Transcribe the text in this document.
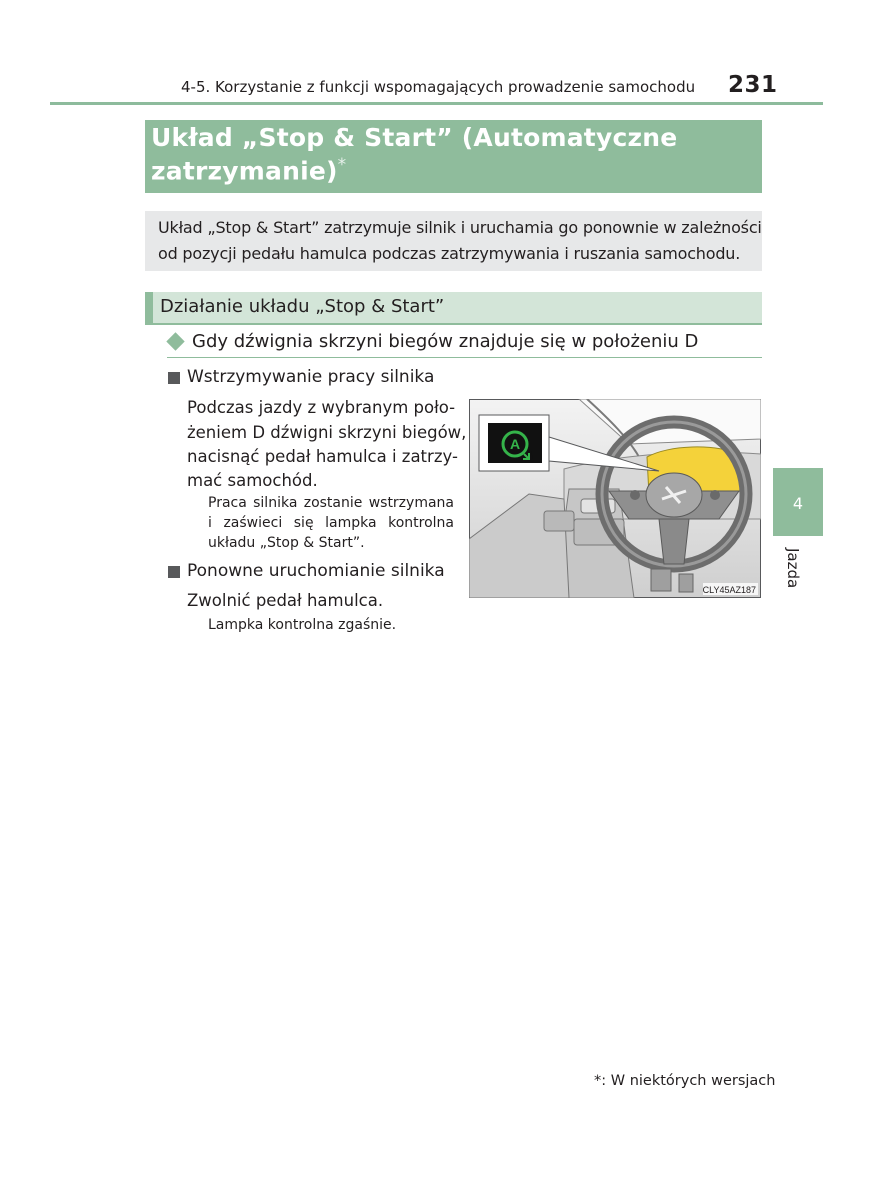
4-5. Korzystanie z funkcji wspomagających prowadzenie samochodu 231
Układ „Stop & Start” (Automatyczne
zatrzymanie)*
Układ „Stop & Start” zatrzymuje silnik i uruchamia go ponownie w zależności
od pozycji pedału hamulca podczas zatrzymywania i ruszania samochodu.
Działanie układu „Stop & Start”
Gdy dźwignia skrzyni biegów znajduje się w położeniu D
Wstrzymywanie pracy silnika
Podczas jazdy z wybranym poło-
żeniem D dźwigni skrzyni biegów,
nacisnąć pedał hamulca i zatrzy-
mać samochód.
Praca silnika zostanie wstrzymana
i zaświeci się lampka kontrolna
układu „Stop & Start”.
Ponowne uruchomianie silnika
Zwolnić pedał hamulca.
Lampka kontrolna zgaśnie.
A
CLY45AZ187
4
Jazda
*: W niektórych wersjach
